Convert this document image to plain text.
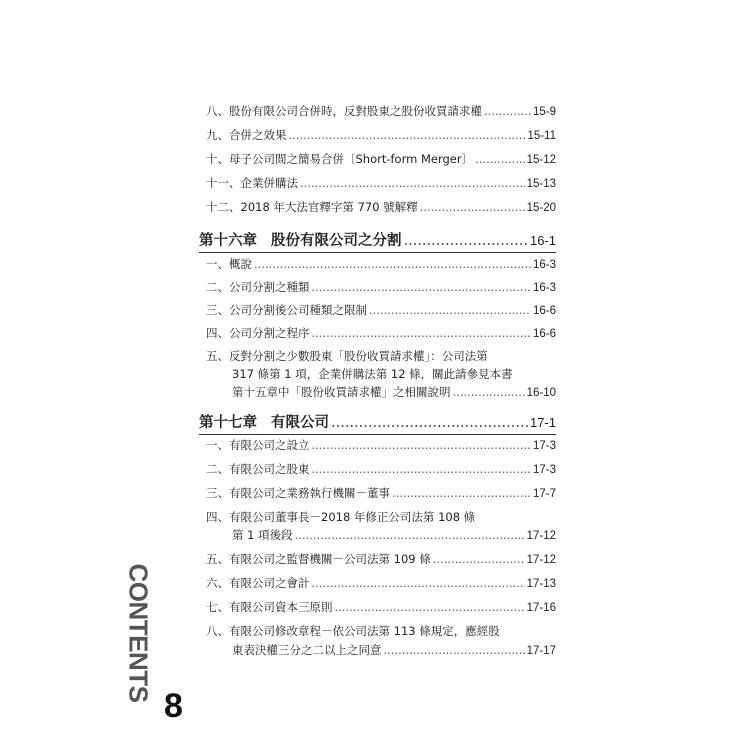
八、股份有限公司合併時，反對股東之股份收買請求權 .....	15-9
九、合併之效果 .....	15-11
十、母子公司間之簡易合併〔Short-form Merger〕 .....	15-12
十一、企業併購法 .....	15-13
十二、2018 年大法官釋字第 770 號解釋 .....	15-20
第十六章 股份有限公司之分割 .....	16-1
一、概說 .....	16-3
二、公司分割之種類 .....	16-3
三、公司分割後公司種類之限制 .....	16-6
四、公司分割之程序 .....	16-6
五、反對分割之少數股東「股份收買請求權」：公司法第
317 條第 1 項，企業併購法第 12 條，關此請參見本書
第十五章中「股份收買請求權」之相關說明 .....	16-10
第十七章 有限公司 .....	17-1
一、有限公司之設立 .....	17-3
二、有限公司之股東 .....	17-3
三、有限公司之業務執行機關－董事 .....	17-7
四、有限公司董事長－2018 年修正公司法第 108 條
第 1 項後段 .....	17-12
五、有限公司之監督機關－公司法第 109 條 .....	17-12
六、有限公司之會計 .....	17-13
七、有限公司資本三原則 .....	17-16
八、有限公司修改章程－依公司法第 113 條規定，應經股
東表決權三分之二以上之同意 .....	17-17
CONTENTS
8
